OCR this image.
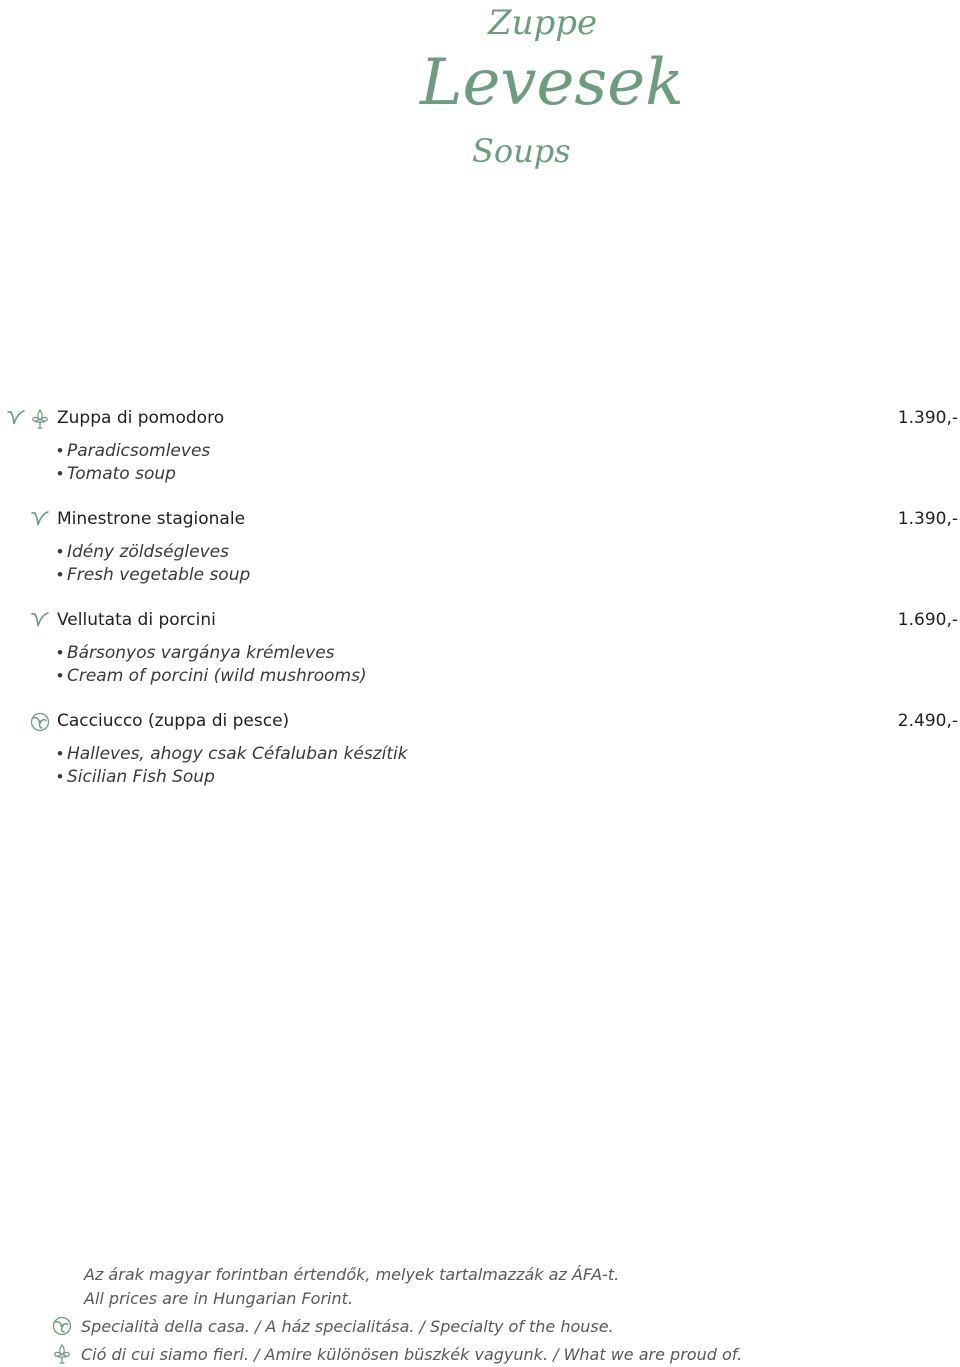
Zuppe
Levesek
Soups
Zuppa di pomodoro	1.390,-
• Paradicsomleves
• Tomato soup
Minestrone stagionale	1.390,-
• Idény zöldségleves
• Fresh vegetable soup
Vellutata di porcini	1.690,-
• Bársonyos vargánya krémleves
• Cream of porcini (wild mushrooms)
Cacciucco (zuppa di pesce)	2.490,-
• Halleves, ahogy csak Céfaluban készítik
• Sicilian Fish Soup
Az árak magyar forintban értendők, melyek tartalmazzák az ÁFA-t.
All prices are in Hungarian Forint.
Specialità della casa. / A ház specialitása. / Specialty of the house.
Ció di cui siamo fieri. / Amire különösen büszkék vagyunk. / What we are proud of.
